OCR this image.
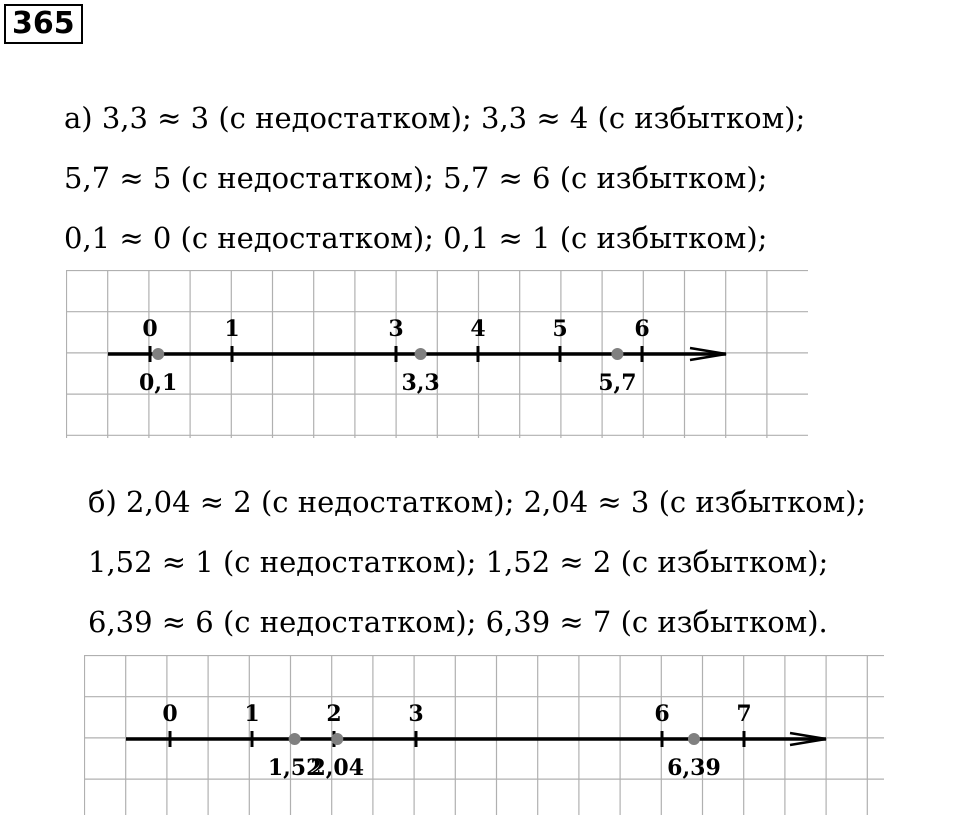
365
а) 3,3 ≈ 3 (с недостатком); 3,3 ≈ 4 (с избытком);
5,7 ≈ 5 (с недостатком); 5,7 ≈ 6 (с избытком);
0,1 ≈ 0 (с недостатком); 0,1 ≈ 1 (с избытком);
0	1	3	4	5	6
0,1	3,3	5,7
б) 2,04 ≈ 2 (с недостатком); 2,04 ≈ 3 (с избытком);
1,52 ≈ 1 (с недостатком); 1,52 ≈ 2 (с избытком);
6,39 ≈ 6 (с недостатком); 6,39 ≈ 7 (с избытком).
0	1	2	3	6	7
1,52
2,04	6,39
